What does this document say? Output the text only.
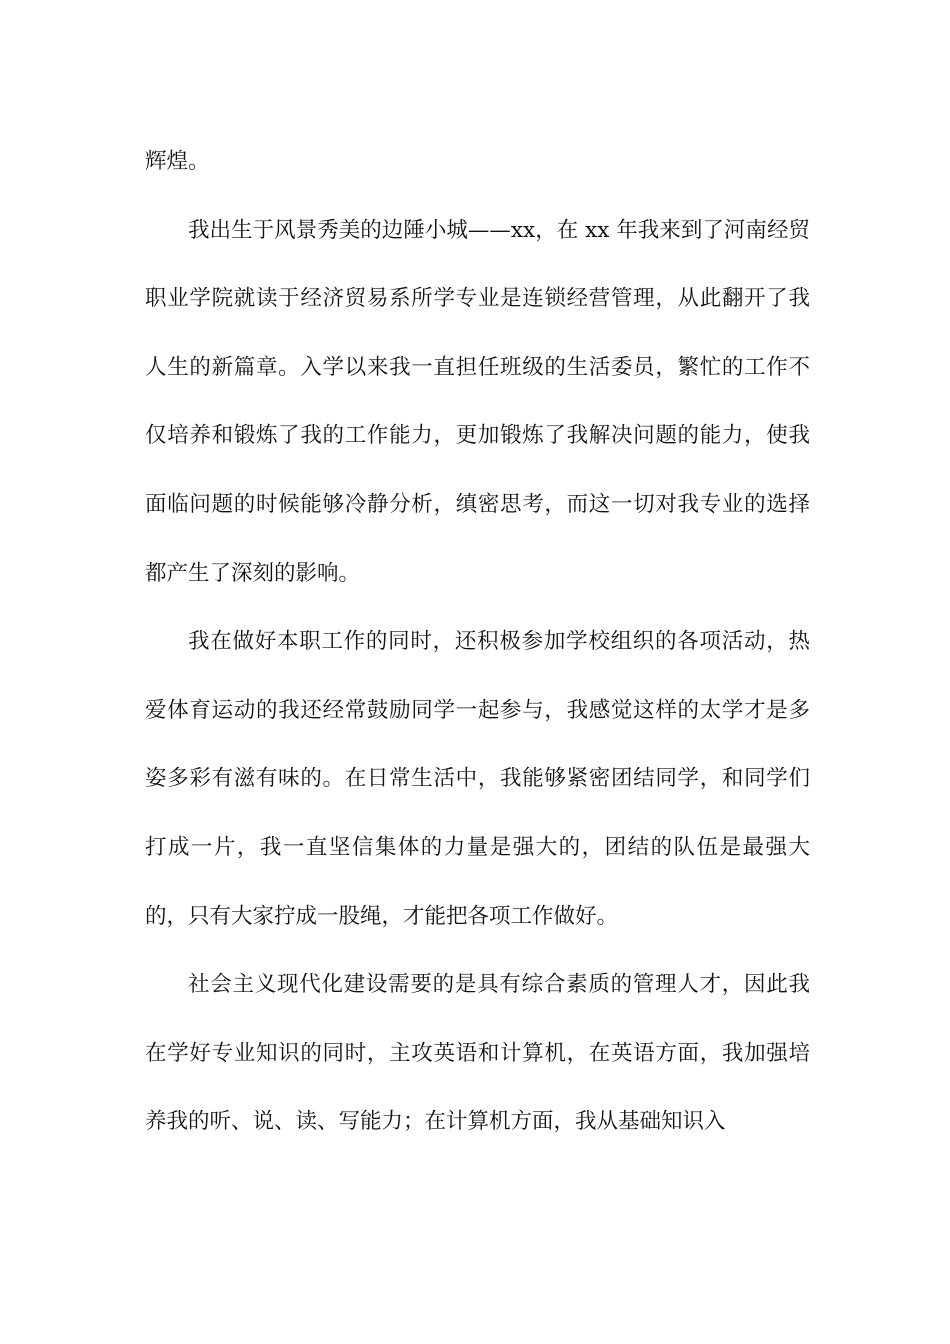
辉煌。

我出生于风景秀美的边陲小城——xx，在 xx 年我来到了河南经贸职业学院就读于经济贸易系所学专业是连锁经营管理，从此翻开了我人生的新篇章。入学以来我一直担任班级的生活委员，繁忙的工作不仅培养和锻炼了我的工作能力，更加锻炼了我解决问题的能力，使我面临问题的时候能够冷静分析，缜密思考，而这一切对我专业的选择都产生了深刻的影响。

我在做好本职工作的同时，还积极参加学校组织的各项活动，热爱体育运动的我还经常鼓励同学一起参与，我感觉这样的太学才是多姿多彩有滋有味的。在日常生活中，我能够紧密团结同学，和同学们打成一片，我一直坚信集体的力量是强大的，团结的队伍是最强大的，只有大家拧成一股绳，才能把各项工作做好。

社会主义现代化建设需要的是具有综合素质的管理人才，因此我在学好专业知识的同时，主攻英语和计算机，在英语方面，我加强培养我的听、说、读、写能力；在计算机方面，我从基础知识入
